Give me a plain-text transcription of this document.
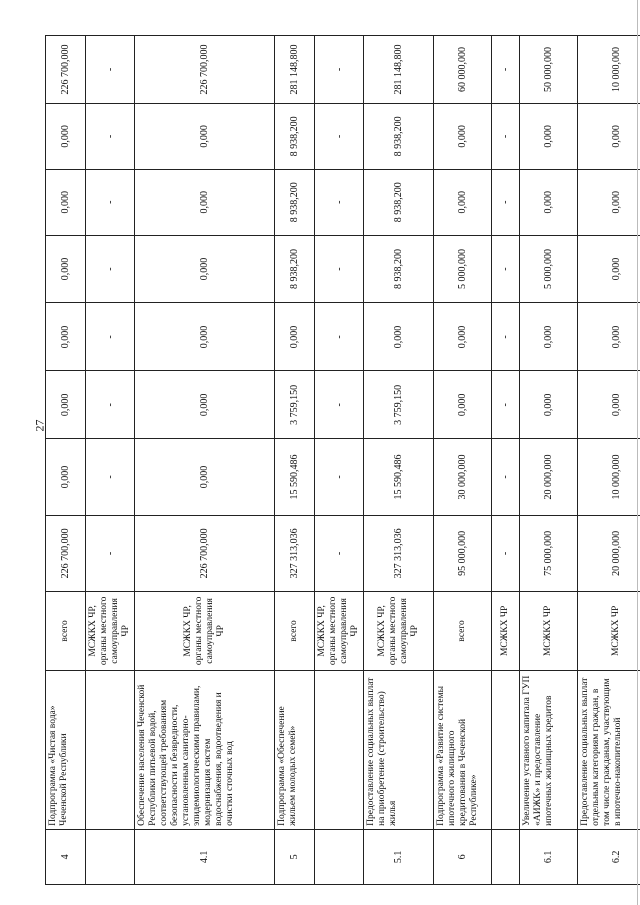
27
4	Подпрограмма «Чистая вода» Чеченской Республики	всего	226 700,000	0,000	0,000	0,000	0,000	0,000	0,000	226 700,000
		МСЖКХ ЧР, органы местного самоуправления ЧР	-	-	-	-	-	-	-	-
4.1	Обеспечение населения Чеченской Республики питьевой водой, соответствующей требованиям безопасности и безвредности, установленным санитарно-эпидемиологическими правилами, модернизация систем водоснабжения, водоотведения и очистки сточных вод	МСЖКХ ЧР, органы местного самоуправления ЧР	226 700,000	0,000	0,000	0,000	0,000	0,000	0,000	226 700,000
5	Подпрограмма «Обеспечение жильем молодых семей»	всего	327 313,036	15 590,486	3 759,150	0,000	8 938,200	8 938,200	8 938,200	281 148,800
		МСЖКХ ЧР, органы местного самоуправления ЧР	-	-	-	-	-	-	-	-
5.1	Предоставление социальных выплат на приобретение (строительство) жилья	МСЖКХ ЧР, органы местного самоуправления ЧР	327 313,036	15 590,486	3 759,150	0,000	8 938,200	8 938,200	8 938,200	281 148,800
6	Подпрограмма «Развитие системы ипотечного жилищного кредитования в Чеченской Республике»	всего	95 000,000	30 000,000	0,000	0,000	5 000,000	0,000	0,000	60 000,000
		МСЖКХ ЧР	-	-	-	-	-	-	-	-
6.1	Увеличение уставного капитала ГУП «АИЖК» и предоставление ипотечных жилищных кредитов	МСЖКХ ЧР	75 000,000	20 000,000	0,000	0,000	5 000,000	0,000	0,000	50 000,000
6.2	Предоставление социальных выплат отдельным категориям граждан, в том числе гражданам, участвующим в ипотечно-накопительной	МСЖКХ ЧР	20 000,000	10 000,000	0,000	0,000	0,000	0,000	0,000	10 000,000
